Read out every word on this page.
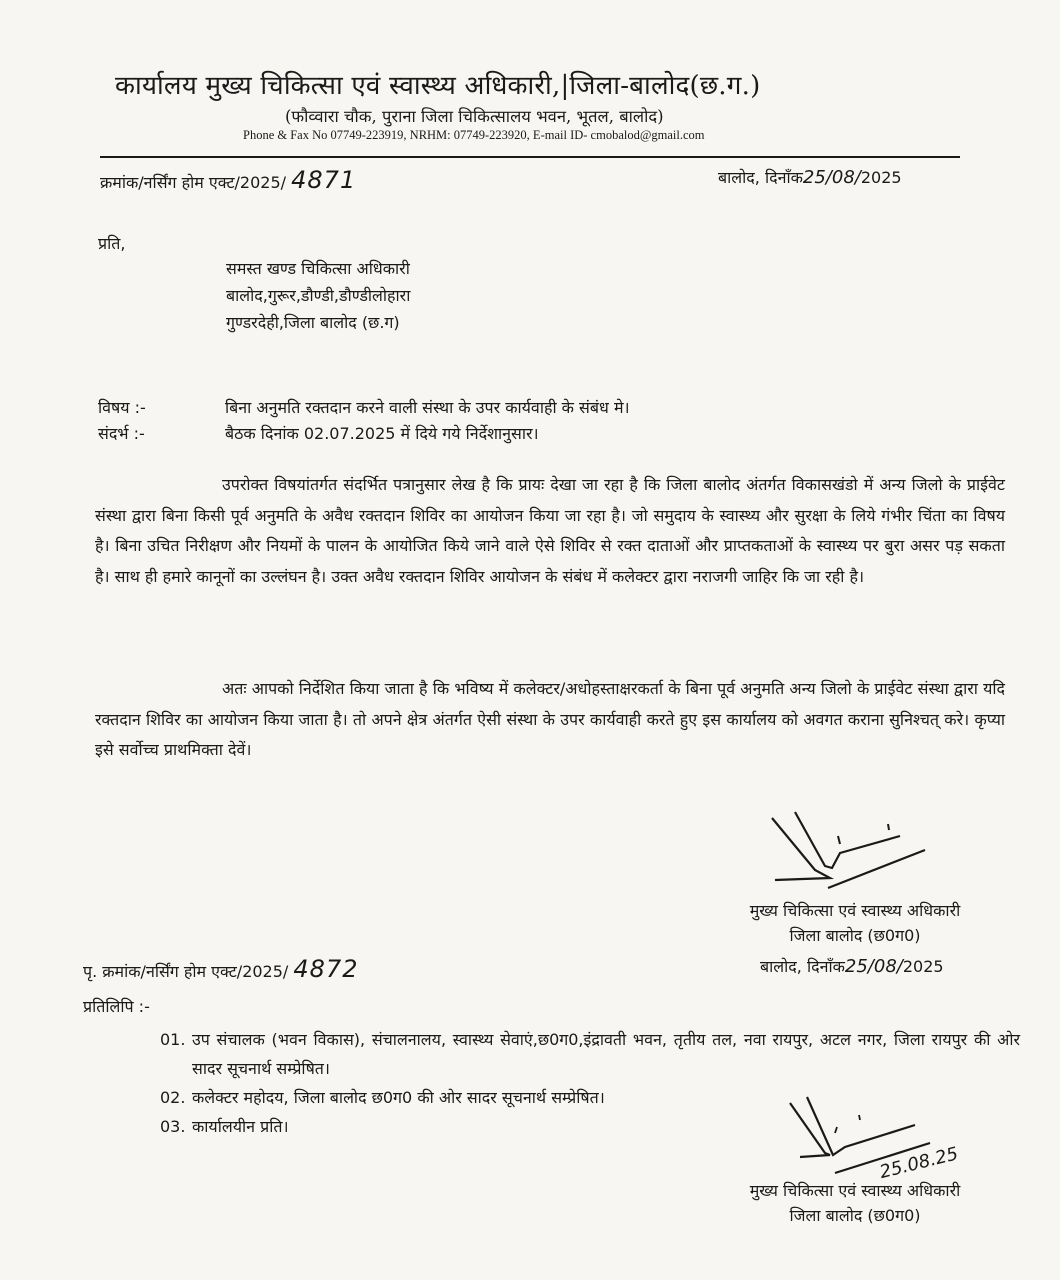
कार्यालय मुख्य चिकित्सा एवं स्वास्थ्य अधिकारी,|जिला-बालोद(छ.ग.)
(फौव्वारा चौक, पुराना जिला चिकित्सालय भवन, भूतल, बालोद)
Phone & Fax No 07749-223919, NRHM: 07749-223920, E-mail ID- cmobalod@gmail.com
क्रमांक/नर्सिंग होम एक्ट/2025/ 4871	बालोद, दिनाँक25/08/2025
प्रति,
समस्त खण्ड चिकित्सा अधिकारी
बालोद,गुरूर,डौण्डी,डौण्डीलोहारा
गुण्डरदेही,जिला बालोद (छ.ग)
विषय :-	बिना अनुमति रक्तदान करने वाली संस्था के उपर कार्यवाही के संबंध मे।
संदर्भ :-	बैठक दिनांक 02.07.2025 में दिये गये निर्देशानुसार।
उपरोक्त विषयांतर्गत संदर्भित पत्रानुसार लेख है कि प्रायः देखा जा रहा है कि जिला बालोद अंतर्गत विकासखंडो में अन्य जिलो के प्राईवेट संस्था द्वारा बिना किसी पूर्व अनुमति के अवैध रक्तदान शिविर का आयोजन किया जा रहा है। जो समुदाय के स्वास्थ्य और सुरक्षा के लिये गंभीर चिंता का विषय है। बिना उचित निरीक्षण और नियमों के पालन के आयोजित किये जाने वाले ऐसे शिविर से रक्त दाताओं और प्राप्तकताओं के स्वास्थ्य पर बुरा असर पड़ सकता है। साथ ही हमारे कानूनों का उल्लंघन है। उक्त अवैध रक्तदान शिविर आयोजन के संबंध में कलेक्टर द्वारा नराजगी जाहिर कि जा रही है।
अतः आपको निर्देशित किया जाता है कि भविष्य में कलेक्टर/अधोहस्ताक्षरकर्ता के बिना पूर्व अनुमति अन्य जिलो के प्राईवेट संस्था द्वारा यदि रक्तदान शिविर का आयोजन किया जाता है। तो अपने क्षेत्र अंतर्गत ऐसी संस्था के उपर कार्यवाही करते हुए इस कार्यालय को अवगत कराना सुनिश्चत् करे। कृप्या इसे सर्वोच्च प्राथमिक्ता देवें।
मुख्य चिकित्सा एवं स्वास्थ्य अधिकारी
जिला बालोद (छ0ग0)
पृ. क्रमांक/नर्सिंग होम एक्ट/2025/ 4872	बालोद, दिनाँक25/08/2025
प्रतिलिपि :-
01. उप संचालक (भवन विकास), संचालनालय, स्वास्थ्य सेवाएं,छ0ग0,इंद्रावती भवन, तृतीय तल, नवा रायपुर, अटल नगर, जिला रायपुर की ओर सादर सूचनार्थ सम्प्रेषित।
02. कलेक्टर महोदय, जिला बालोद छ0ग0 की ओर सादर सूचनार्थ सम्प्रेषित।
03. कार्यालयीन प्रति।
25.08.25
मुख्य चिकित्सा एवं स्वास्थ्य अधिकारी
जिला बालोद (छ0ग0)
